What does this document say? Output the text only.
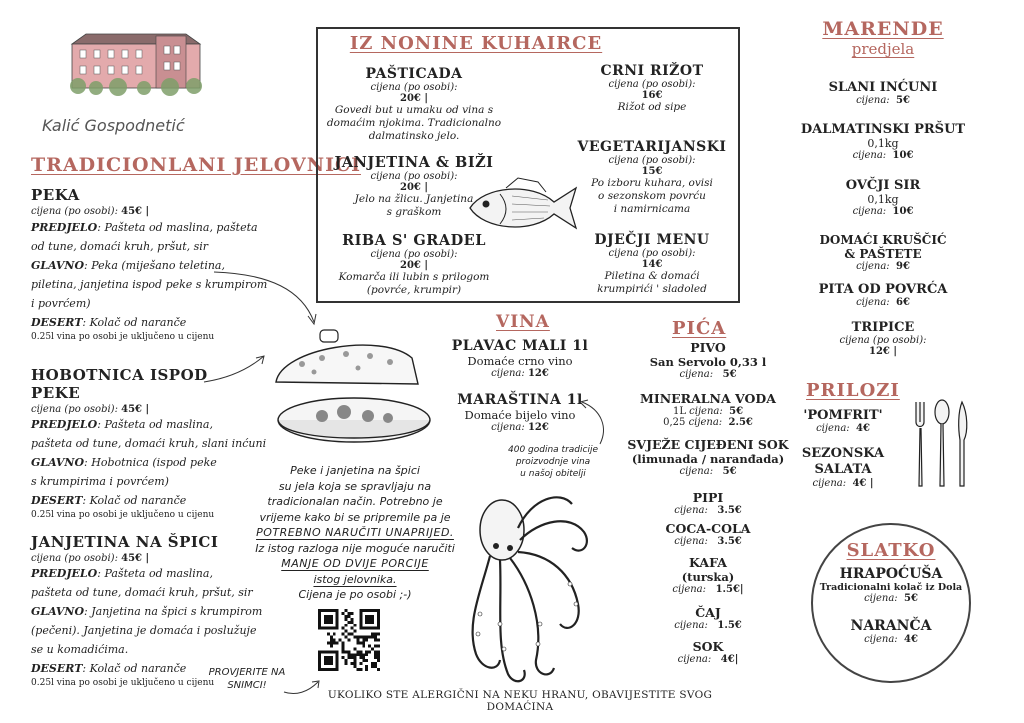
Kalić Gospodnetić
TRADICIONLANI JELOVNICI
PEKA
cijena (po osobi): 45€ |
PREDJELO: Pašteta od maslina, pašteta
od tune, domaći kruh, pršut, sir
GLAVNO: Peka (miješano teletina,
piletina, janjetina ispod peke s krumpirom
i povrćem)
DESERT: Kolač od naranče
0.25l vina po osobi je uključeno u cijenu
HOBOTNICA ISPOD PEKE
cijena (po osobi): 45€ |
PREDJELO: Pašteta od maslina,
pašteta od tune, domaći kruh, slani inćuni
GLAVNO: Hobotnica (ispod peke
s krumpirima i povrćem)
DESERT: Kolač od naranče
0.25l vina po osobi je uključeno u cijenu
JANJETINA NA ŠPICI
cijena (po osobi): 45€ |
PREDJELO: Pašteta od maslina,
pašteta od tune, domaći kruh, pršut, sir
GLAVNO: Janjetina na špici s krumpirom
(pečeni). Janjetina je domaća i poslužuje
se u komadićima.
DESERT: Kolač od naranče
0.25l vina po osobi je uključeno u cijenu
IZ NONINE KUHAIRCE
PAŠTICADA
cijena (po osobi):
20€ |
Govedi but u umaku od vina s
domaćim njokima. Tradicionalno
dalmatinsko jelo.
JANJETINA & BIŽI
cijena (po osobi):
20€ |
Jelo na žlicu. Janjetina
s graškom
RIBA S' GRADEL
cijena (po osobi):
20€ |
Komarča ili lubin s prilogom
(povrće, krumpir)
CRNI RIŽOT
cijena (po osobi):
16€
Rižot od sipe
VEGETARIJANSKI
cijena (po osobi):
15€
Po izboru kuhara, ovisi
o sezonskom povrću
i namirnicama
DJEČJI MENU
cijena (po osobi):
14€
Piletina & domaći
krumpirići ' sladoled
Peke i janjetina na špici
su jela koja se spravljaju na
tradicionalan način. Potrebno je
vrijeme kako bi se pripremile pa je
POTREBNO NARUČITI UNAPRIJED.
Iz istog razloga nije moguće naručiti
MANJE OD DVIJE PORCIJE
istog jelovnika.
Cijena je po osobi ;-)
PROVJERITE NA
SNIMCI!
VINA
PLAVAC MALI 1l
Domaće crno vino
cijena: 12€
MARAŠTINA 1l
Domaće bijelo vino
cijena: 12€
400 godina tradicije
proizvodnje vina
u našoj obitelji
PIĆA
PIVO
San Servolo 0,33 l
cijena: 5€
MINERALNA VODA
1L cijena: 5€
0,25 cijena: 2.5€
SVJEŽE CIJEĐENI SOK
(limunada / naranđada)
cijena: 5€
PIPI
cijena: 3.5€
COCA-COLA
cijena: 3.5€
KAFA
(turska)
cijena: 1.5€|
ČAJ
cijena: 1.5€
SOK
cijena: 4€|
MARENDE
predjela
SLANI INĆUNI
cijena: 5€
DALMATINSKI PRŠUT
0,1kg
cijena: 10€
OVČJI SIR
0,1kg
cijena: 10€
DOMAĆI KRUŠČIĆ
& PAŠTETE
cijena: 9€
PITA OD POVRĆA
cijena: 6€
TRIPICE
cijena (po osobi):
12€ |
PRILOZI
'POMFRIT'
cijena: 4€
SEZONSKA
SALATA
cijena: 4€ |
SLATKO
HRAPOĆUŠA
Tradicionalni kolač iz Dola
cijena: 5€
NARANČA
cijena: 4€
UKOLIKO STE ALERGIČNI NA NEKU HRANU, OBAVIJESTITE SVOG DOMAĆINA
